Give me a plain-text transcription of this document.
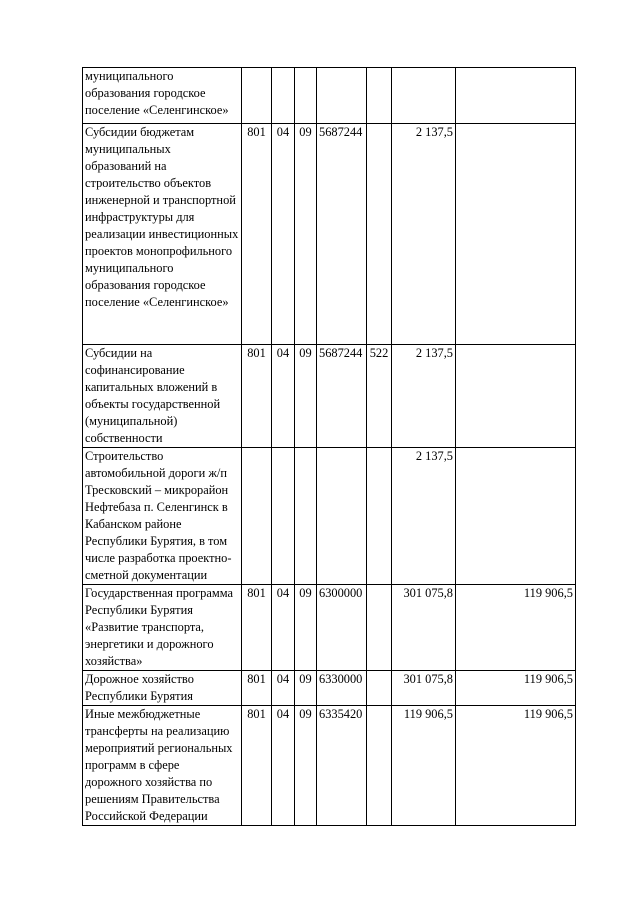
муниципального образования городское поселение «Селенгинское»							
Субсидии бюджетам муниципальных образований на строительство объектов инженерной и транспортной инфраструктуры для реализации инвестиционных проектов монопрофильного муниципального образования городское поселение «Селенгинское»	801	04	09	5687244		2 137,5	
Субсидии на софинансирование капитальных вложений в объекты государственной (муниципальной) собственности	801	04	09	5687244	522	2 137,5	
Строительство автомобильной дороги ж/п Тресковский – микрорайон Нефтебаза п. Селенгинск в Кабанском районе Республики Бурятия, в том числе разработка проектно-сметной документации						2 137,5	
Государственная программа Республики Бурятия «Развитие транспорта, энергетики и дорожного хозяйства»	801	04	09	6300000		301 075,8	119 906,5
Дорожное хозяйство Республики Бурятия	801	04	09	6330000		301 075,8	119 906,5
Иные межбюджетные трансферты на реализацию мероприятий региональных программ в сфере дорожного хозяйства по решениям Правительства Российской Федерации	801	04	09	6335420		119 906,5	119 906,5
